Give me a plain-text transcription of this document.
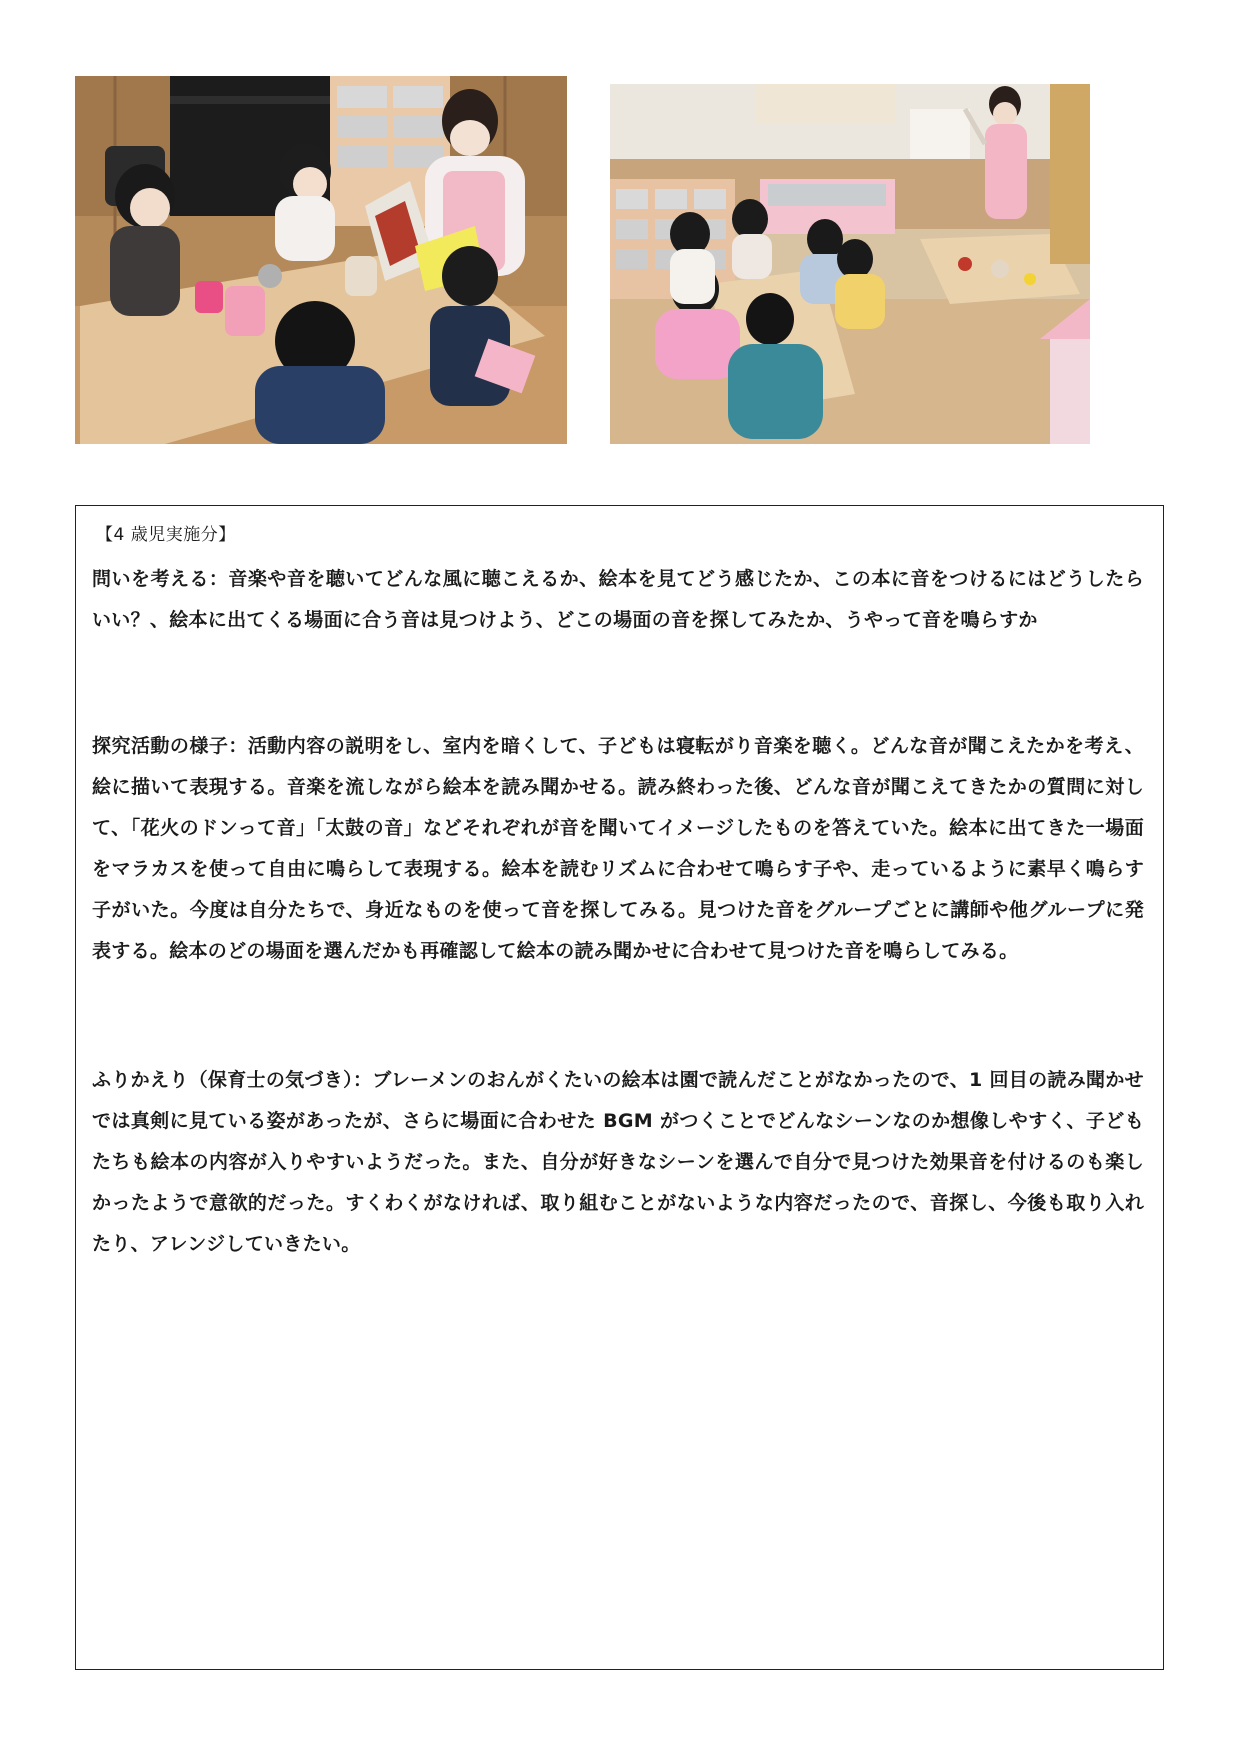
【4 歳児実施分】
問いを考える：音楽や音を聴いてどんな風に聴こえるか、絵本を見てどう感じたか、この本に音をつけるにはどうしたらいい？、絵本に出てくる場面に合う音は見つけよう、どこの場面の音を探してみたか、うやって音を鳴らすか
探究活動の様子：活動内容の説明をし、室内を暗くして、子どもは寝転がり音楽を聴く。どんな音が聞こえたかを考え、絵に描いて表現する。音楽を流しながら絵本を読み聞かせる。読み終わった後、どんな音が聞こえてきたかの質問に対して、「花火のドンって音」「太鼓の音」などそれぞれが音を聞いてイメージしたものを答えていた。絵本に出てきた一場面をマラカスを使って自由に鳴らして表現する。絵本を読むリズムに合わせて鳴らす子や、走っているように素早く鳴らす子がいた。今度は自分たちで、身近なものを使って音を探してみる。見つけた音をグループごとに講師や他グループに発表する。絵本のどの場面を選んだかも再確認して絵本の読み聞かせに合わせて見つけた音を鳴らしてみる。
ふりかえり（保育士の気づき）：ブレーメンのおんがくたいの絵本は園で読んだことがなかったので、1 回目の読み聞かせでは真剣に見ている姿があったが、さらに場面に合わせた BGM がつくことでどんなシーンなのか想像しやすく、子どもたちも絵本の内容が入りやすいようだった。また、自分が好きなシーンを選んで自分で見つけた効果音を付けるのも楽しかったようで意欲的だった。すくわくがなければ、取り組むことがないような内容だったので、音探し、今後も取り入れたり、アレンジしていきたい。
